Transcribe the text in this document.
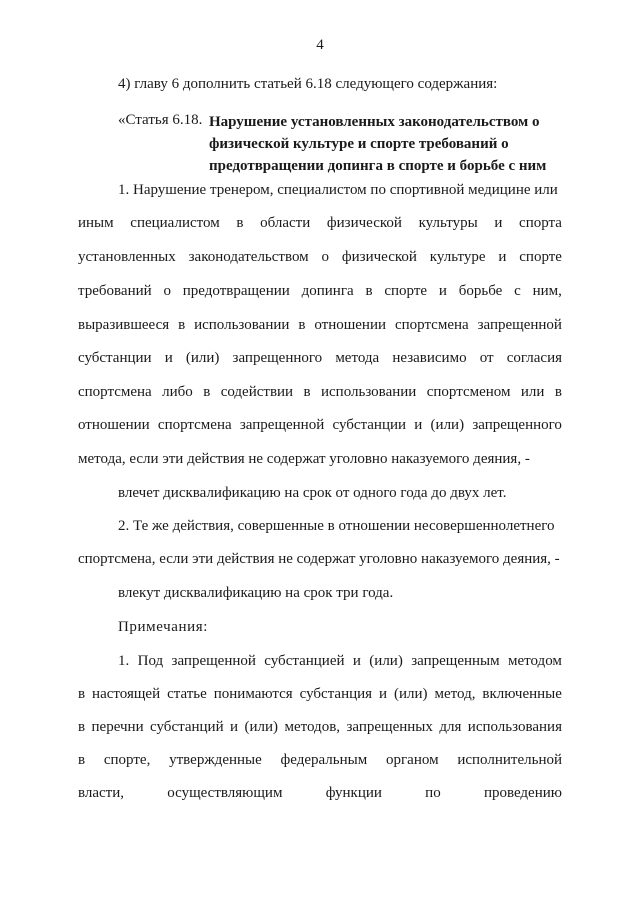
4
4) главу 6 дополнить статьей 6.18 следующего содержания:
«Статья 6.18. Нарушение установленных законодательством о
физической культуре и спорте требований о
предотвращении допинга в спорте и борьбе с ним
1. Нарушение тренером, специалистом по спортивной медицине или
иным специалистом в области физической культуры и спорта
установленных законодательством о физической культуре и спорте
требований о предотвращении допинга в спорте и борьбе с ним,
выразившееся в использовании в отношении спортсмена запрещенной
субстанции и (или) запрещенного метода независимо от согласия
спортсмена либо в содействии в использовании спортсменом или в
отношении спортсмена запрещенной субстанции и (или) запрещенного
метода, если эти действия не содержат уголовно наказуемого деяния, -
влечет дисквалификацию на срок от одного года до двух лет.
2. Те же действия, совершенные в отношении несовершеннолетнего
спортсмена, если эти действия не содержат уголовно наказуемого деяния, -
влекут дисквалификацию на срок три года.
Примечания:
1. Под запрещенной субстанцией и (или) запрещенным методом
в настоящей статье понимаются субстанция и (или) метод, включенные
в перечни субстанций и (или) методов, запрещенных для использования
в спорте, утвержденные федеральным органом исполнительной
власти,	осуществляющим	функции	по	проведению
